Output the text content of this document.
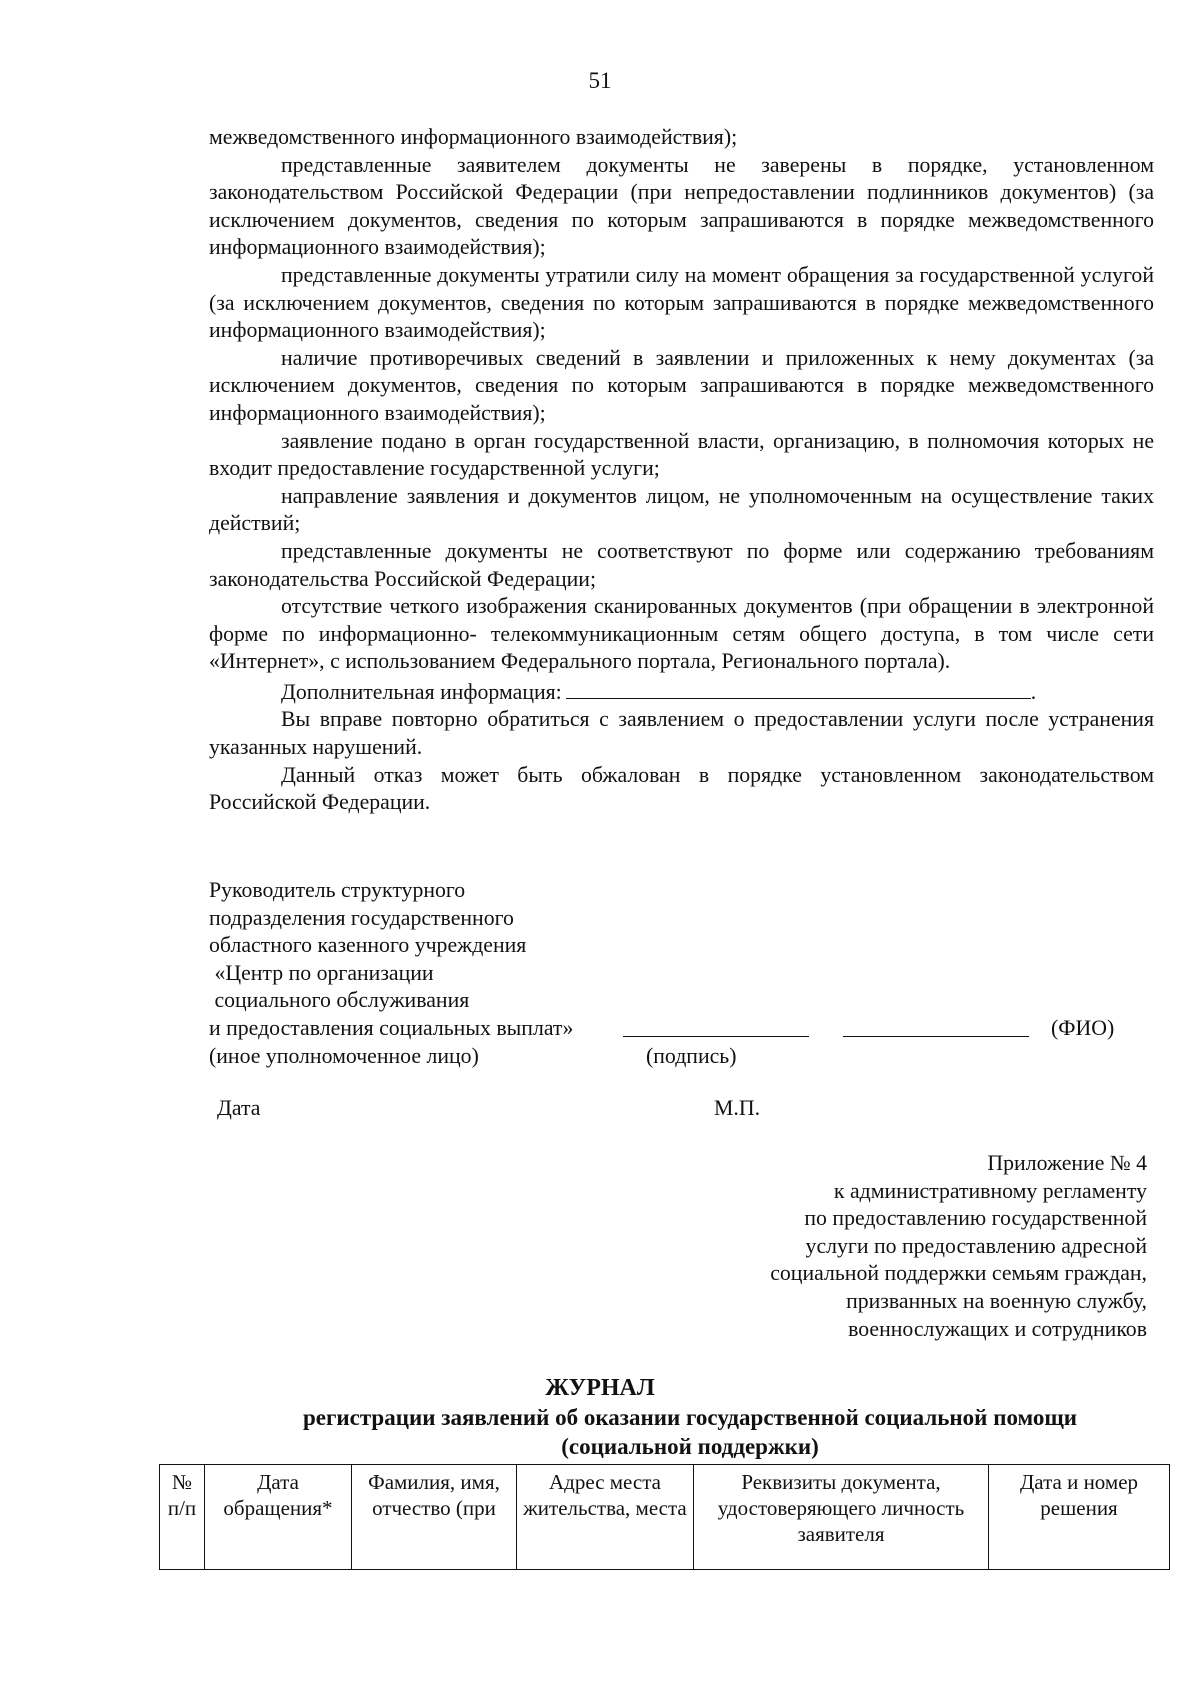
51

межведомственного информационного взаимодействия);

представленные заявителем документы не заверены в порядке, установленном законодательством Российской Федерации (при непредоставлении подлинников документов) (за исключением документов, сведения по которым запрашиваются в порядке межведомственного информационного взаимодействия);

представленные документы утратили силу на момент обращения за государственной услугой (за исключением документов, сведения по которым запрашиваются в порядке межведомственного информационного взаимодействия);

наличие противоречивых сведений в заявлении и приложенных к нему документах (за исключением документов, сведения по которым запрашиваются в порядке межведомственного информационного взаимодействия);

заявление подано в орган государственной власти, организацию, в полномочия которых не входит предоставление государственной услуги;

направление заявления и документов лицом, не уполномоченным на осуществление таких действий;

представленные документы не соответствуют по форме или содержанию требованиям законодательства Российской Федерации;

отсутствие четкого изображения сканированных документов (при обращении в электронной форме по информационно- телекоммуникационным сетям общего доступа, в том числе сети «Интернет», с использованием Федерального портала, Регионального портала).

Дополнительная информация:	.

Вы вправе повторно обратиться с заявлением о предоставлении услуги после устранения указанных нарушений.

Данный отказ может быть обжалован в порядке установленном законодательством Российской Федерации.

Руководитель структурного
подразделения государственного
областного казенного учреждения
«Центр по организации
социального обслуживания
и предоставления социальных выплат»	(ФИО)
(иное уполномоченное лицо)	(подпись)
Дата	М.П.
Приложение № 4
к административному регламенту
по предоставлению государственной
услуги по предоставлению адресной
социальной поддержки семьям граждан,
призванных на военную службу,
военнослужащих и сотрудников
ЖУРНАЛ
регистрации заявлений об оказании государственной социальной помощи (социальной поддержки)
№ п/п	Дата обращения*	Фамилия, имя, отчество (при	Адрес места жительства, места	Реквизиты документа, удостоверяющего личность заявителя	Дата и номер решения
